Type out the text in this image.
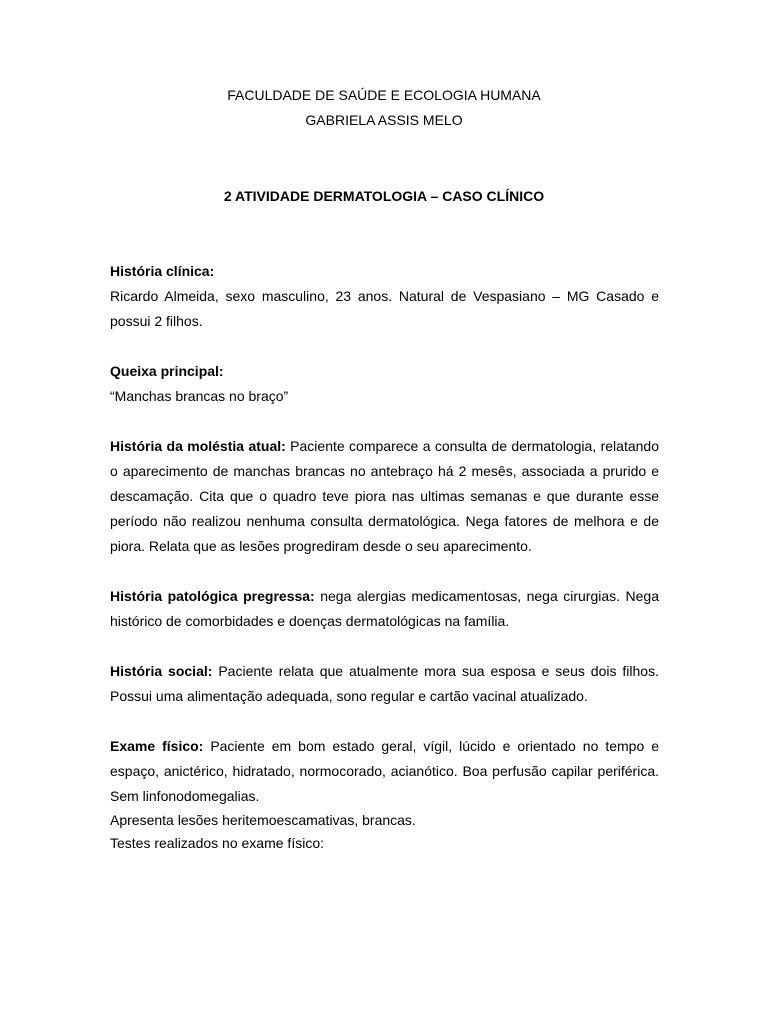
FACULDADE DE SAÚDE E ECOLOGIA HUMANA
GABRIELA ASSIS MELO
2 ATIVIDADE DERMATOLOGIA – CASO CLÍNICO
História clínica:
Ricardo Almeida, sexo masculino, 23 anos. Natural de Vespasiano – MG Casado e possui 2 filhos.
Queixa principal:
“Manchas brancas no braço”
História da moléstia atual: Paciente comparece a consulta de dermatologia, relatando o aparecimento de manchas brancas no antebraço há 2 mesês, associada a prurido e descamação. Cita que o quadro teve piora nas ultimas semanas e que durante esse período não realizou nenhuma consulta dermatológica. Nega fatores de melhora e de piora. Relata que as lesões progrediram desde o seu aparecimento.
História patológica pregressa: nega alergias medicamentosas, nega cirurgias. Nega histórico de comorbidades e doenças dermatológicas na família.
História social: Paciente relata que atualmente mora sua esposa e seus dois filhos. Possui uma alimentação adequada, sono regular e cartão vacinal atualizado.
Exame físico: Paciente em bom estado geral, vígil, lúcido e orientado no tempo e espaço, anictérico, hidratado, normocorado, acianótico. Boa perfusão capilar periférica. Sem linfonodomegalias.
Apresenta lesões heritemoescamativas, brancas.
Testes realizados no exame físico:
